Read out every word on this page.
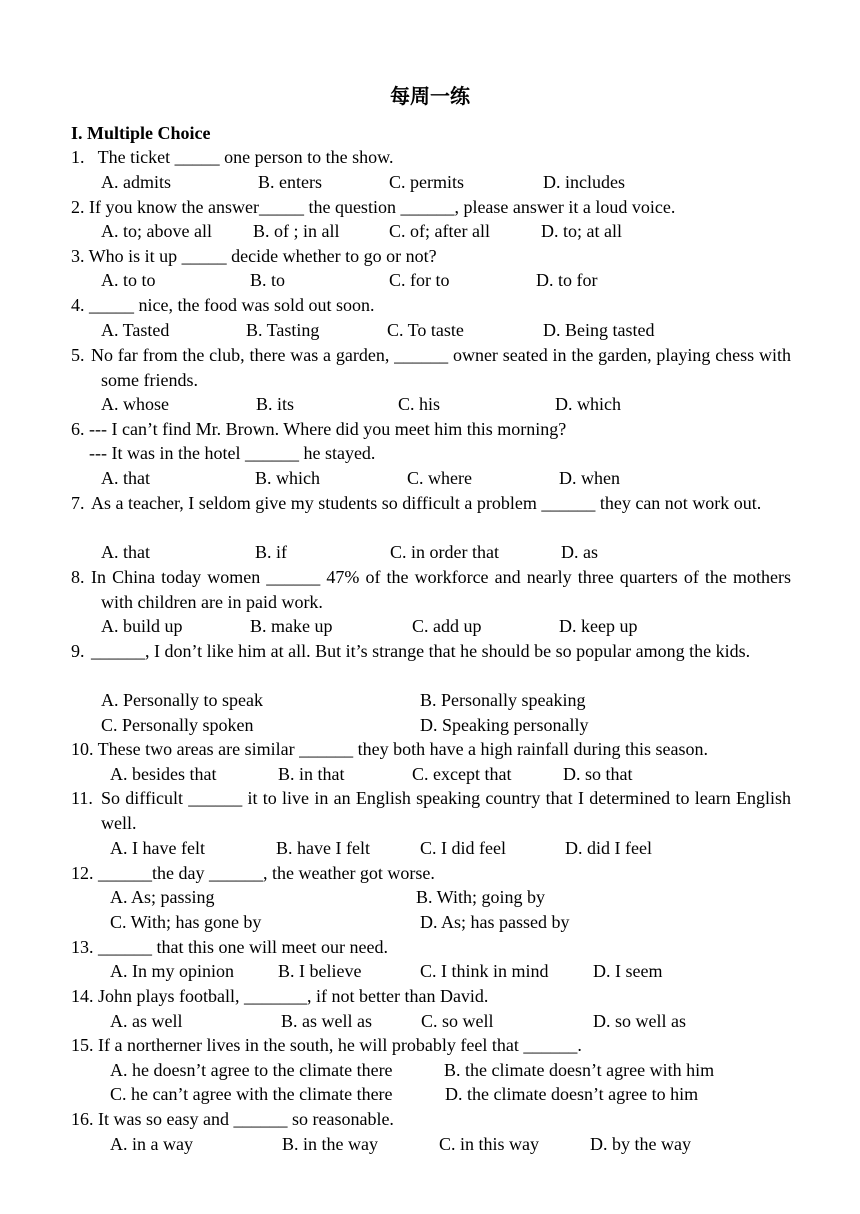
每周一练
I. Multiple Choice
1.   The ticket _____ one person to the show.
A. admits	B. enters	C. permits	D. includes
2. If you know the answer_____ the question ______, please answer it a loud voice.
A. to; above all B. of ; in all	C. of; after all	D. to; at all
3. Who is it up _____ decide whether to go or not?
A. to to	B. to	C. for to	D. to for
4. _____ nice, the food was sold out soon.
A. Tasted	B. Tasting	C. To taste	D. Being tasted
5. No far from the club, there was a garden, ______ owner seated in the garden, playing chess with some friends.
A. whose	B. its	C. his	D. which
6. --- I can’t find Mr. Brown. Where did you meet him this morning?
--- It was in the hotel ______ he stayed.
A. that	B. which	C. where	D. when
7. As a teacher, I seldom give my students so difficult a problem ______ they can not work out.
A. that	B. if	C. in order that	D. as
8. In China today women ______ 47% of the workforce and nearly three quarters of the mothers with children are in paid work.
A. build up	B. make up	C. add up	D. keep up
9. ______, I don’t like him at all. But it’s strange that he should be so popular among the kids.
A. Personally to speak	B. Personally speaking
C. Personally spoken	D. Speaking personally
10. These two areas are similar ______ they both have a high rainfall during this season.
A. besides that	B. in that	C. except that	D. so that
11. So difficult ______ it to live in an English speaking country that I determined to learn English well.
A. I have felt	B. have I felt	C. I did feel	D. did I feel
12. ______the day ______, the weather got worse.
A. As; passing	B. With; going by
C. With; has gone by	D. As; has passed by
13. ______ that this one will meet our need.
A. In my opinion B. I believe	C. I think in mind D. I seem
14. John plays football, _______, if not better than David.
A. as well	B. as well as	C. so well	D. so well as
15. If a northerner lives in the south, he will probably feel that ______.
A. he doesn’t agree to the climate there	B. the climate doesn’t agree with him
C. he can’t agree with the climate there	D. the climate doesn’t agree to him
16. It was so easy and ______ so reasonable.
A. in a way	B. in the way	C. in this way	D. by the way
